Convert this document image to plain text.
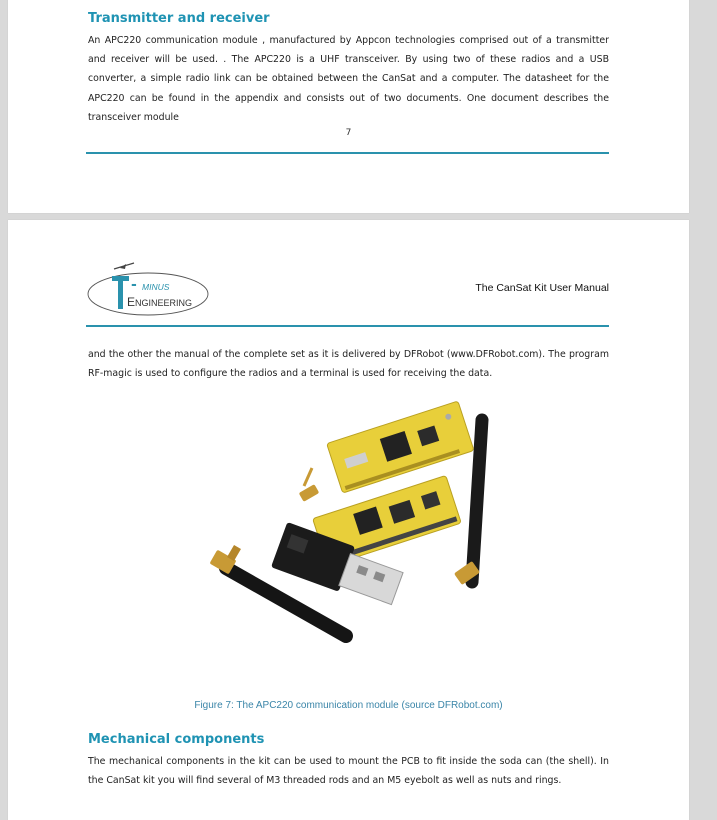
Transmitter and receiver

An APC220 communication module , manufactured by Appcon technologies comprised out of a transmitter and receiver will be used. . The APC220 is a UHF transceiver. By using two of these radios and a USB converter, a simple radio link can be obtained between the CanSat and a computer. The datasheet for the APC220 can be found in the appendix and consists out of two documents. One document describes the transceiver module

7
- MINUS
E NGINEERING
The CanSat Kit User Manual

and the other the manual of the complete set as it is delivered by DFRobot (www.DFRobot.com). The program RF-magic is used to configure the radios and a terminal is used for receiving the data.

Figure 7: The APC220 communication module (source DFRobot.com)
Mechanical components

The mechanical components in the kit can be used to mount the PCB to fit inside the soda can (the shell). In the CanSat kit you will find several of M3 threaded rods and an M5 eyebolt as well as nuts and rings.
